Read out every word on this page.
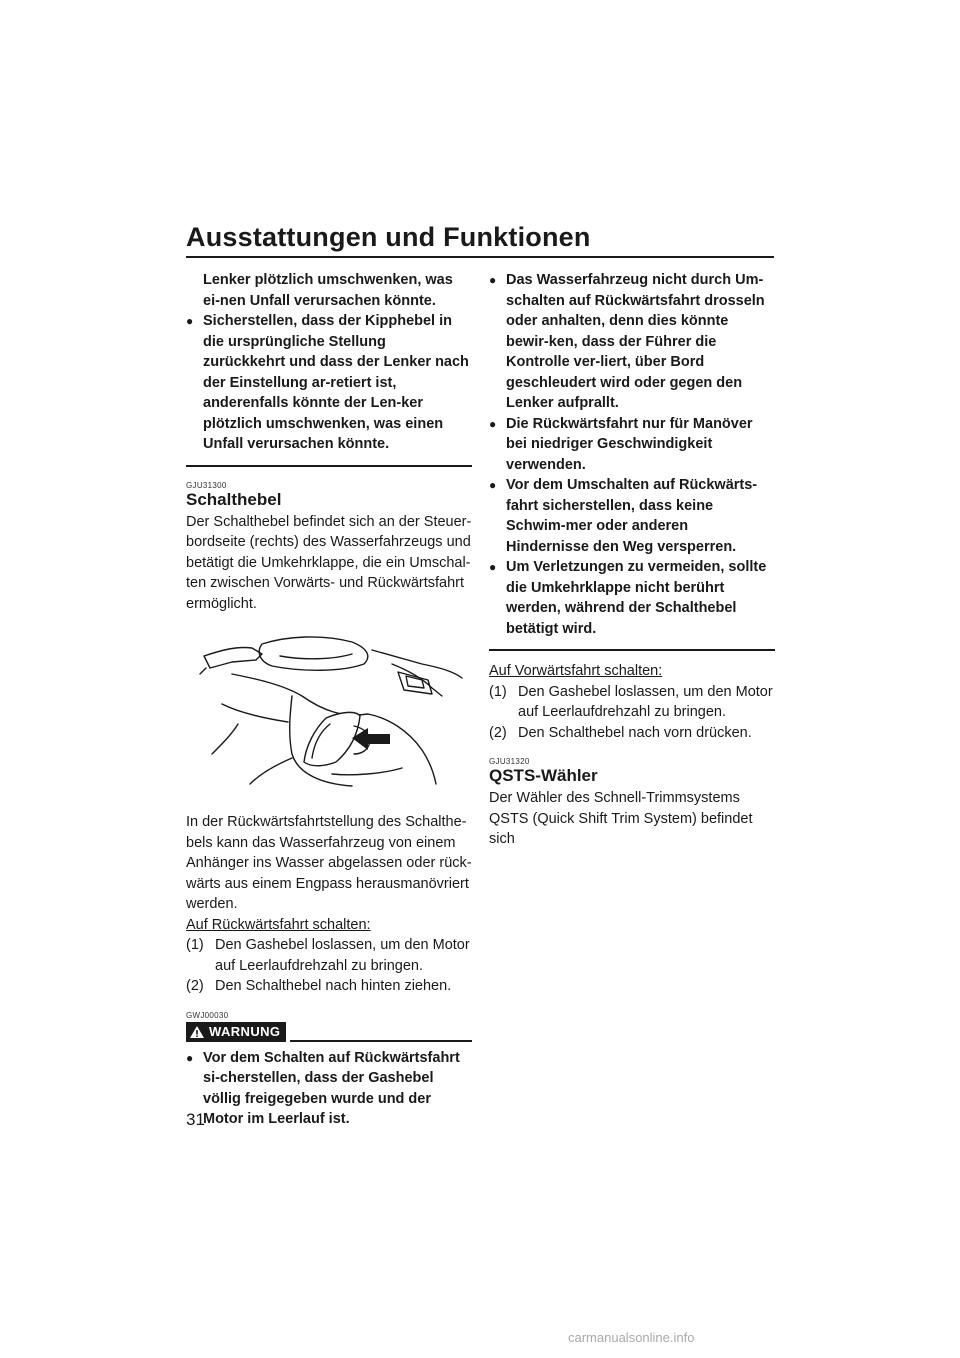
Ausstattungen und Funktionen
Lenker plötzlich umschwenken, was ei-nen Unfall verursachen könnte.
● Sicherstellen, dass der Kipphebel in die ursprüngliche Stellung zurückkehrt und dass der Lenker nach der Einstellung ar-retiert ist, anderenfalls könnte der Len-ker plötzlich umschwenken, was einen Unfall verursachen könnte.
GJU31300
Schalthebel
Der Schalthebel befindet sich an der Steuer-bordseite (rechts) des Wasserfahrzeugs und betätigt die Umkehrklappe, die ein Umschal-ten zwischen Vorwärts- und Rückwärtsfahrt ermöglicht.
In der Rückwärtsfahrtstellung des Schalthe-bels kann das Wasserfahrzeug von einem Anhänger ins Wasser abgelassen oder rück-wärts aus einem Engpass herausmanövriert werden.
Auf Rückwärtsfahrt schalten:
(1) Den Gashebel loslassen, um den Motor auf Leerlaufdrehzahl zu bringen.
(2) Den Schalthebel nach hinten ziehen.
GWJ00030
WARNUNG
● Vor dem Schalten auf Rückwärtsfahrt si-cherstellen, dass der Gashebel völlig freigegeben wurde und der Motor im Leerlauf ist.
● Das Wasserfahrzeug nicht durch Um-schalten auf Rückwärtsfahrt drosseln oder anhalten, denn dies könnte bewir-ken, dass der Führer die Kontrolle ver-liert, über Bord geschleudert wird oder gegen den Lenker aufprallt.
● Die Rückwärtsfahrt nur für Manöver bei niedriger Geschwindigkeit verwenden.
● Vor dem Umschalten auf Rückwärts-fahrt sicherstellen, dass keine Schwim-mer oder anderen Hindernisse den Weg versperren.
● Um Verletzungen zu vermeiden, sollte die Umkehrklappe nicht berührt werden, während der Schalthebel betätigt wird.
Auf Vorwärtsfahrt schalten:
(1) Den Gashebel loslassen, um den Motor auf Leerlaufdrehzahl zu bringen.
(2) Den Schalthebel nach vorn drücken.
GJU31320
QSTS-Wähler
Der Wähler des Schnell-Trimmsystems QSTS (Quick Shift Trim System) befindet sich
31
carmanualsonline.info
